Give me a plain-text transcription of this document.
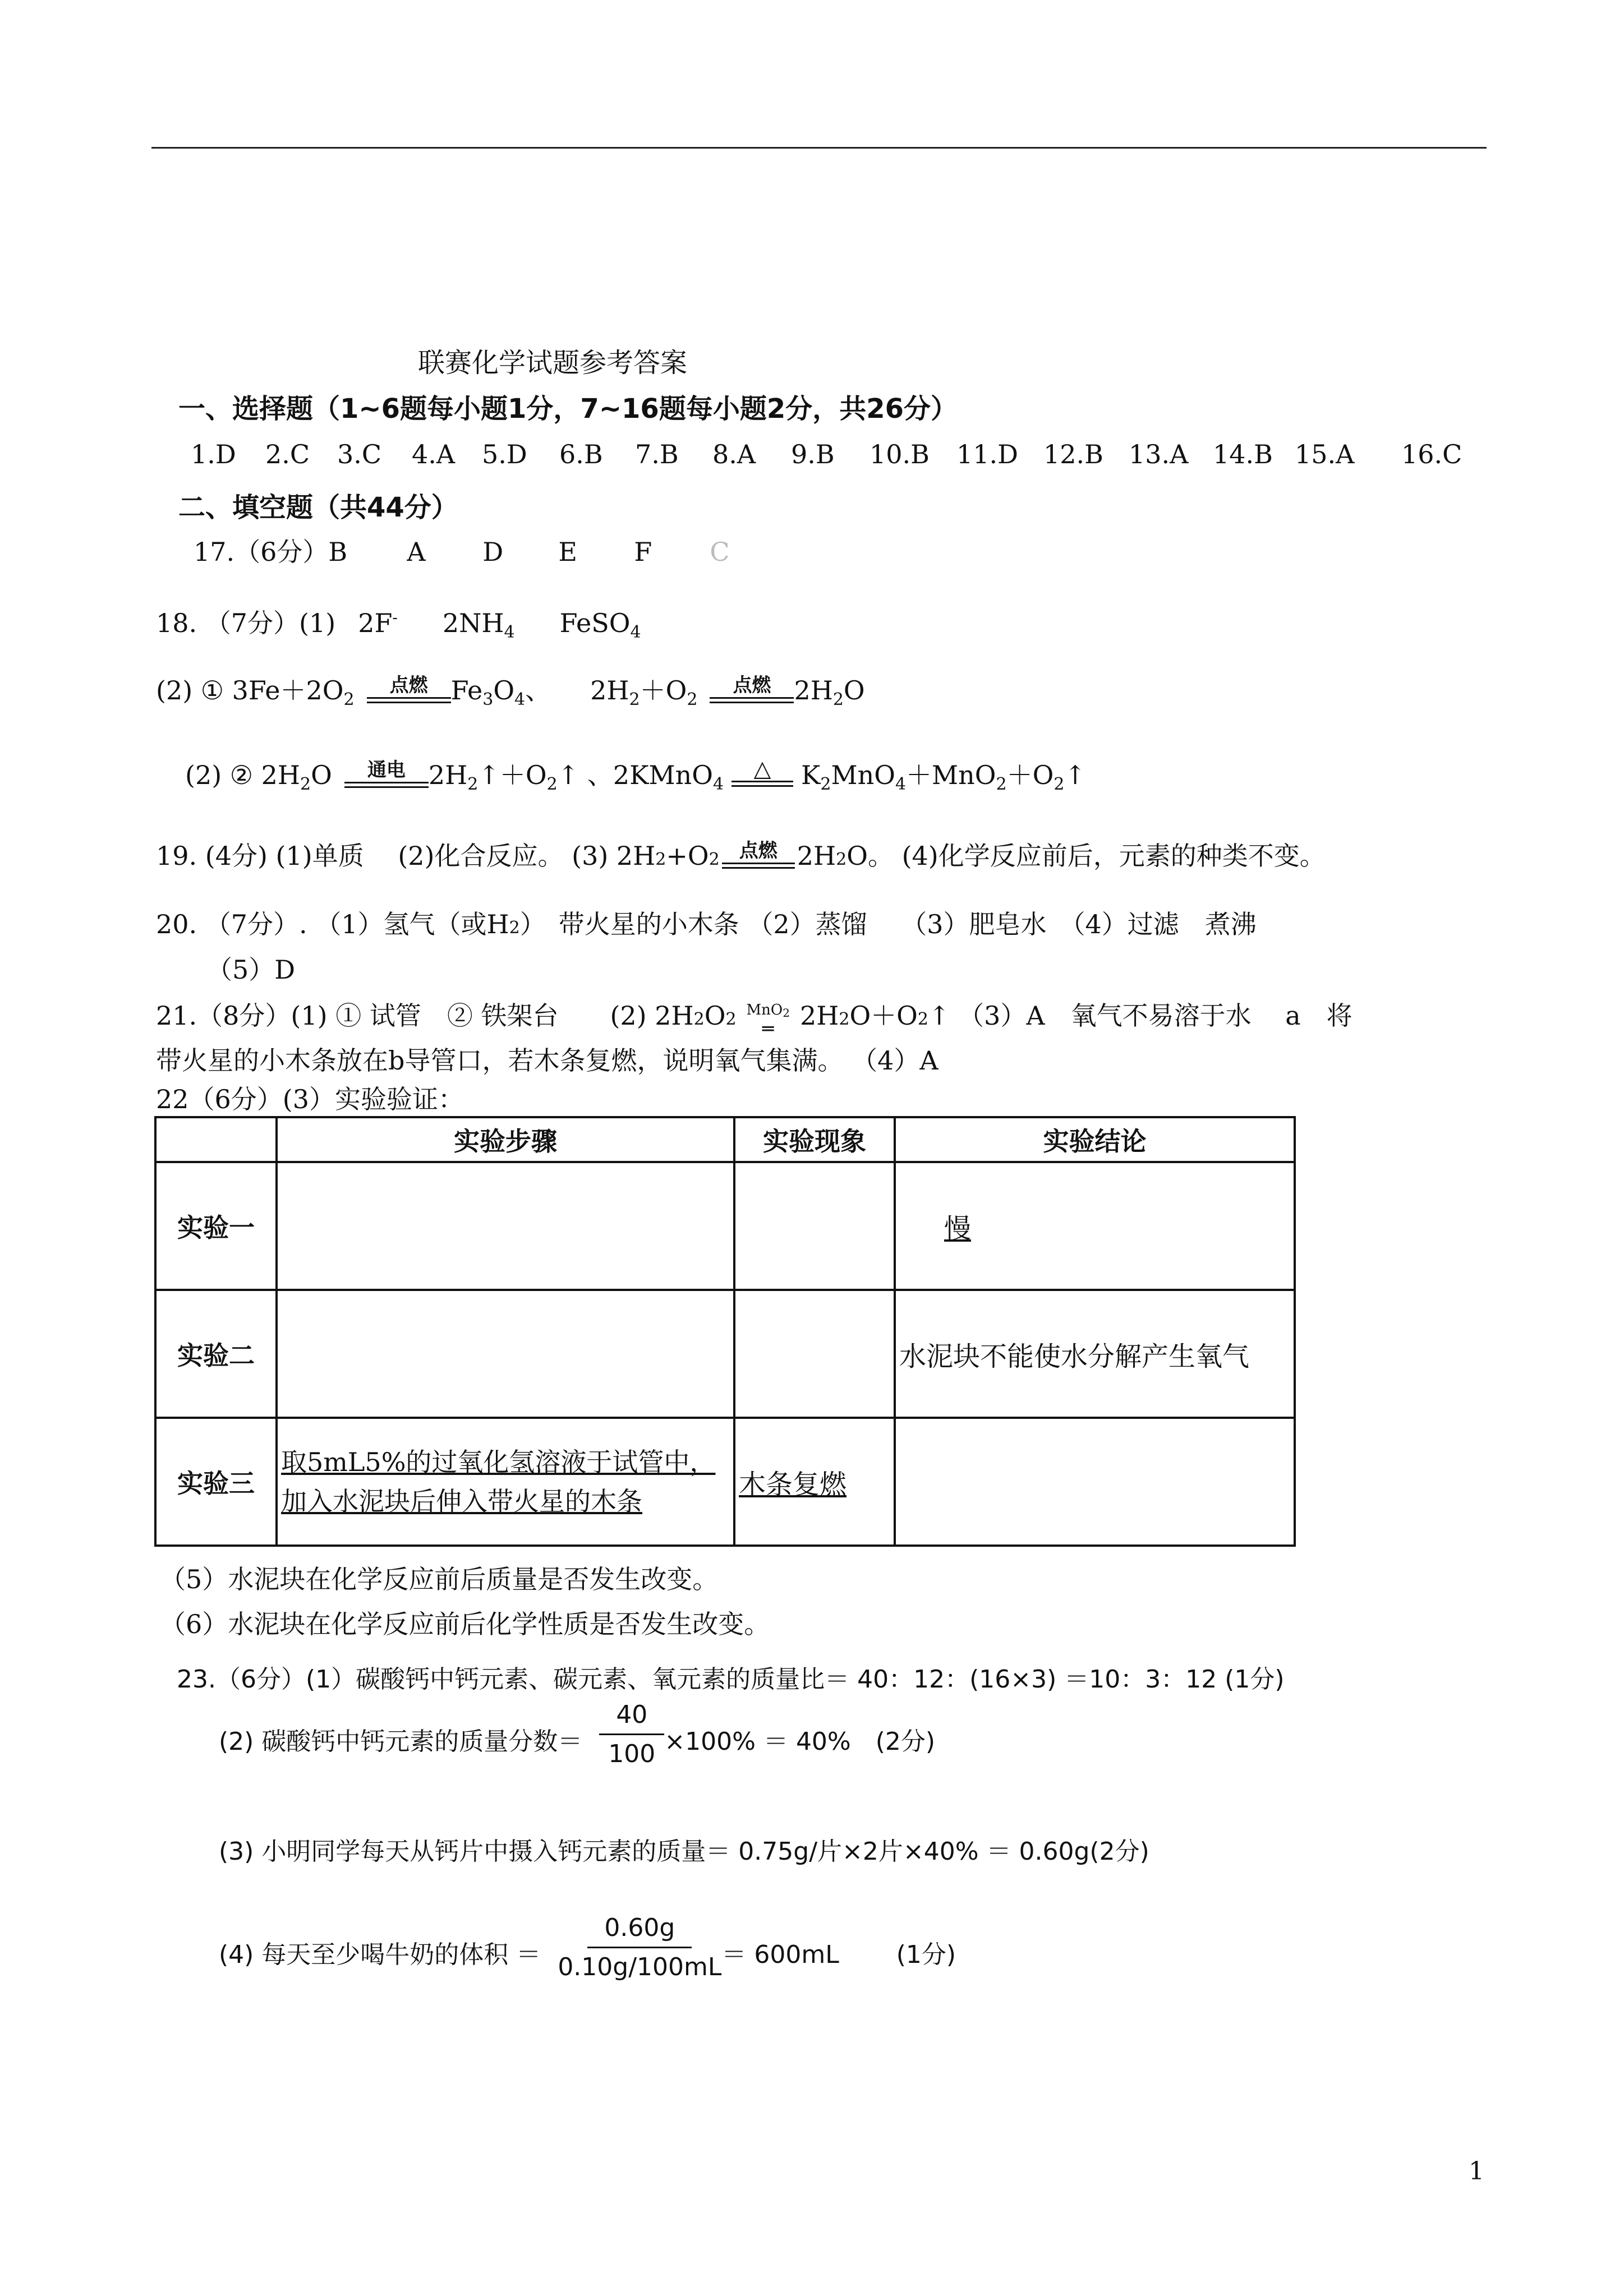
联赛化学试题参考答案
一、选择题（1~6题每小题1分，7~16题每小题2分，共26分）
1.D	2.C	3.C	4.A	5.D	6.B	7.B	8.A	9.B	10.B	11.D 12.B 13.A 14.B 15.A	16.C
二、填空题（共44分）
17.（6分） B	A	D	E	F	C
18. （7分）(1) 2F- $2NH_4$ FeSO$_4$
(2) ① $3Fe+2O_2$
点燃 $Fe_3O_4$、 $2H_2+O_2$
点燃 $2H_2O$
(2) ② $2H_2O$ 通电 $2H_2↑+O_2↑$ 、2KMnO$_4$
△ $K_2MnO_4+MnO_2+O_2↑$
19. (4分) (1)单质　 (2)化合反应。 (3) $2H_2 +O$ 2 点燃 2H 2 O。 (4)化学反应前后，元素的种类不变。
20. （7分）. （1）氢气（或$H_2$ ）　带火星的小木条 （2）蒸馏　 （3）肥皂水　（4）过滤　煮沸
（5）D
21.（8分）(1) ① 试管　② 铁架台　　(2) $2H_2$ O 2 MnO$_2$
═ 2H 2 $O+O_2$ ↑ （3）A　氧气不易溶于水　 a　将
带火星的小木条放在b导管口，若木条复燃，说明氧气集满。 （4）A
22（6分）(3）实验验证：
	实验步骤	实验现象	实验结论
实验一			慢
实验二			水泥块不能使水分解产生氧气
实验三	取5mL5%的过氧化氢溶液于试管中，
加入水泥块后伸入带火星的木条	木条复燃	
（5）水泥块在化学反应前后质量是否发生改变。
（6）水泥块在化学反应前后化学性质是否发生改变。
23.（6分）(1）碳酸钙中钙元素、碳元素、氧元素的质量比＝ 40：12：(16×3) ＝10：3：12 (1分)
(2) 碳酸钙中钙元素的质量分数＝ $\frac{40}{100} \times 100\% = 40\%$　(2分)
(3) 小明同学每天从钙片中摄入钙元素的质量＝ 0.75g/片×2片×40% ＝ 0.60g(2分)
(4) 每天至少喝牛奶的体积 ＝ $\frac{0.60g}{0.10g/100mL} = 600mL$　　 (1分)
1
